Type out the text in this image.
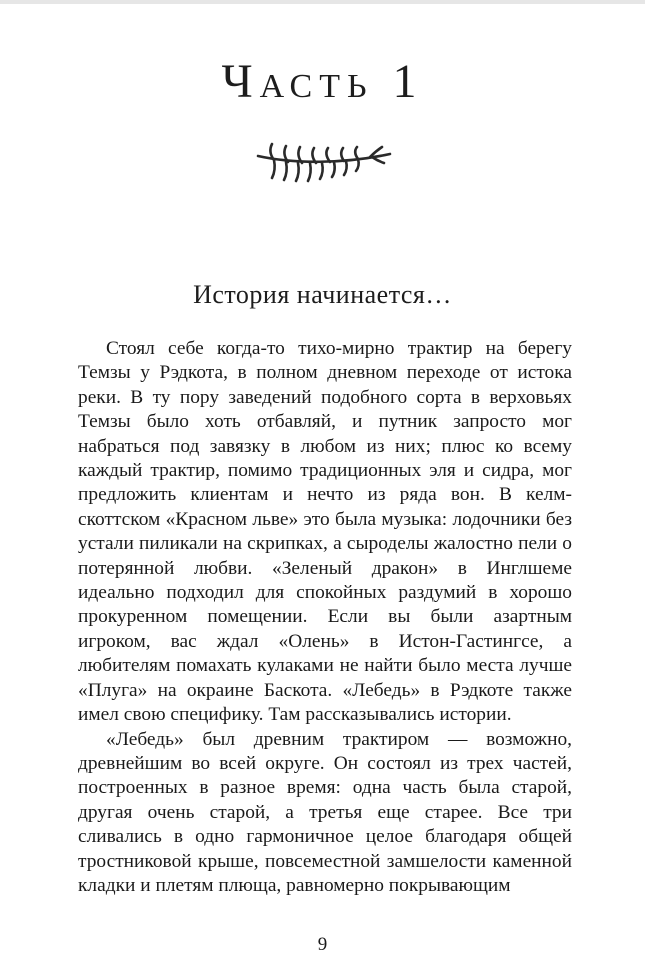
Часть 1
История начинается…

Стоял себе когда-то тихо-мирно трактир на берегу Темзы у Рэдкота, в полном дневном переходе от истока реки. В ту пору заведений подобного сорта в верховьях Темзы было хоть отбавляй, и путник запросто мог набраться под завязку в любом из них; плюс ко всему каждый трактир, помимо традиционных эля и сидра, мог предложить клиентам и нечто из ряда вон. В келмскоттском «Красном льве» это была музыка: лодочники без устали пиликали на скрипках, а сыроделы жалостно пели о потерянной любви. «Зеленый дракон» в Инглшеме идеально подходил для спокойных раздумий в хорошо прокуренном помещении. Если вы были азартным игроком, вас ждал «Олень» в Истон-Гастингсе, а любителям помахать кулаками не найти было места лучше «Плуга» на окраине Баскота. «Лебедь» в Рэдкоте также имел свою специфику. Там рассказывались истории.

«Лебедь» был древним трактиром — возможно, древнейшим во всей округе. Он состоял из трех частей, построенных в разное время: одна часть была старой, другая очень старой, а третья еще старее. Все три сливались в одно гармоничное целое благодаря общей тростниковой крыше, повсеместной замшелости каменной кладки и плетям плюща, равномерно покрывающим

9
